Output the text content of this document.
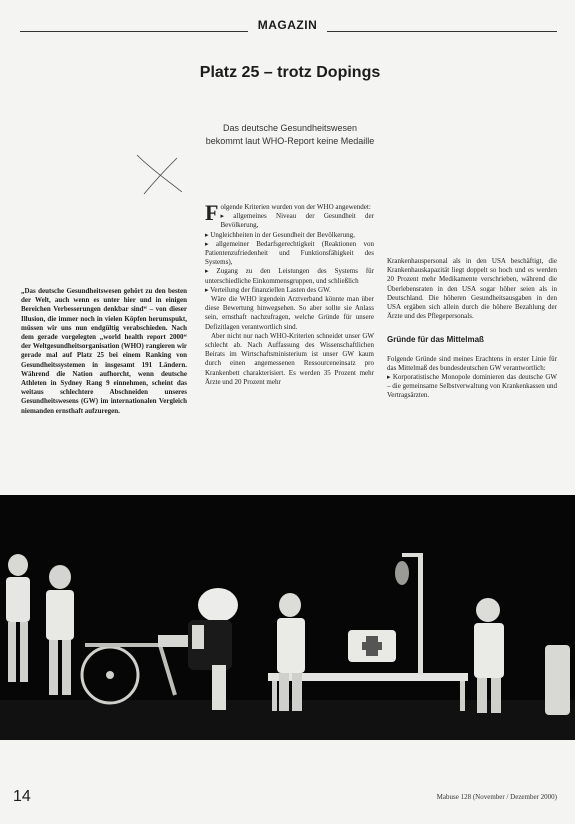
MAGAZIN
Platz 25 – trotz Dopings
Das deutsche Gesundheitswesen
bekommt laut WHO-Report keine Medaille

„Das deutsche Gesundheitswesen gehört zu den besten der Welt, auch wenn es unter hier und in einigen Bereichen Verbesserungen denkbar sind“ – von dieser Illusion, die immer noch in vielen Köpfen herumspukt, müssen wir uns nun endgültig verabschieden. Nach dem gerade vorgelegten „world health report 2000“ der Weltgesundheitsorganisation (WHO) rangieren wir gerade mal auf Platz 25 bei einem Ranking von Gesundheitssystemen in insgesamt 191 Ländern. Während die Nation aufhorcht, wenn deutsche Athleten in Sydney Rang 9 einnehmen, scheint das weitaus schlechtere Abschneiden unseres Gesundheitswesens (GW) im internationalen Vergleich niemanden ernsthaft aufzuregen.

F olgende Kriterien wurden von der WHO angewendet:

▸ allgemeines Niveau der Gesundheit der Bevölkerung,

▸ Ungleichheiten in der Gesundheit der Bevölkerung,

▸ allgemeiner Bedarfsgerechtigkeit (Reaktionen von Patientenzufriedenheit und Funktionsfähigkeit des Systems),

▸ Zugang zu den Leistungen des Systems für unterschiedliche Einkommensgruppen, und schließlich

▸ Verteilung der finanziellen Lasten des GW.

Wäre die WHO irgendein Arztverband könnte man über diese Bewertung hinwegsehen. So aber sollte sie Anlass sein, ernsthaft nachzufragen, welche Gründe für unsere Defizitlagen verantwortlich sind.

Aber nicht nur nach WHO-Kriterien schneidet unser GW schlecht ab. Nach Auffassung des Wissenschaftlichen Beirats im Wirtschaftsministerium ist unser GW kaum durch einen angemessenen Ressourceneinsatz pro Krankenbett charakterisiert. Es werden 35 Prozent mehr Ärzte und 20 Prozent mehr

Krankenhauspersonal als in den USA beschäftigt, die Krankenhauskapazität liegt doppelt so hoch und es werden 20 Prozent mehr Medikamente verschrieben, während die Überlebensraten in den USA sogar höher seien als in Deutschland. Die höheren Gesundheitsausgaben in den USA ergäben sich allein durch die höhere Bezahlung der Ärzte und des Pflegepersonals.

Gründe für das Mittelmaß

Folgende Gründe sind meines Erachtens in erster Linie für das Mittelmaß des bundesdeutschen GW verantwortlich:

▸ Korporatistische Monopole dominieren das deutsche GW – die gemeinsame Selbstverwaltung von Krankenkassen und Vertragsärzten.

14	Mabuse 128 (November / Dezember 2000)
